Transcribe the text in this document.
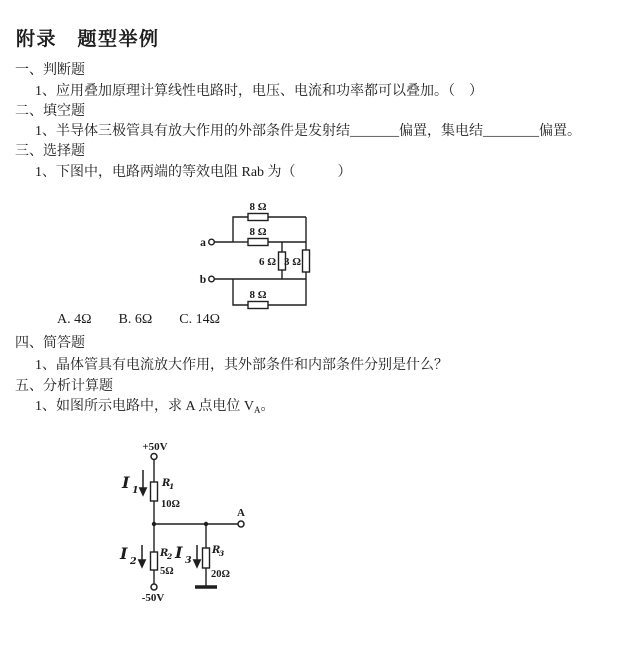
附录　题型举例
一、判断题
1、应用叠加原理计算线性电路时，电压、电流和功率都可以叠加。（　）
二、填空题
1、半导体三极管具有放大作用的外部条件是发射结_______偏置，集电结________偏置。
三、选择题
1、下图中，电路两端的等效电阻 Rab 为（　　　）
8 Ω
8 Ω
6 Ω 3 Ω
8 Ω
a
b
A. 4Ω B. 6Ω C. 14Ω
四、简答题
1、晶体管具有电流放大作用，其外部条件和内部条件分别是什么？
五、分析计算题
1、如图所示电路中，求 A 点电位 $V_A$。
+50V
I 1
R
1
10Ω
A
I 2
R
2
5Ω
I 3
R
3
20Ω
-50V
